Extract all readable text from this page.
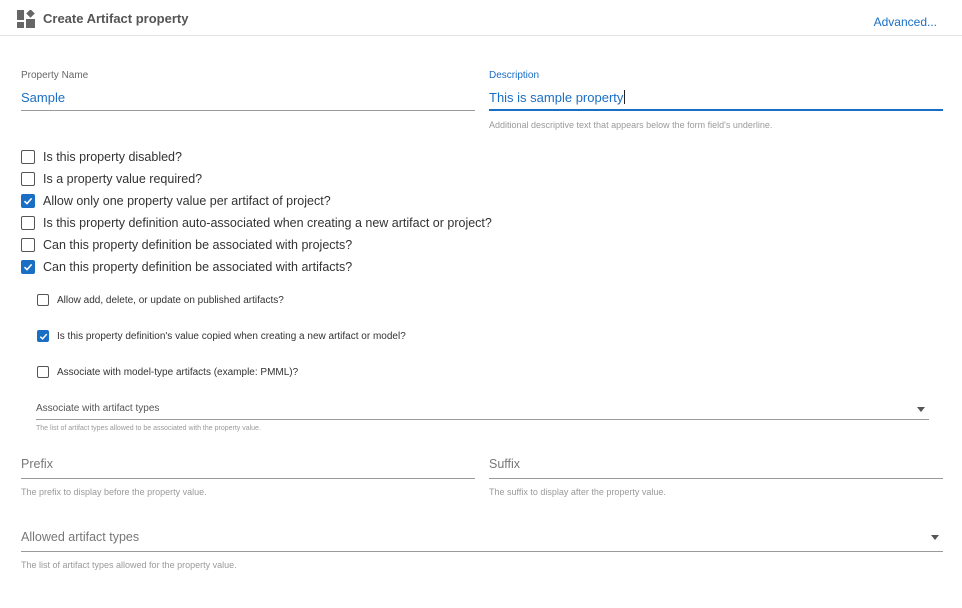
Create Artifact property	Advanced...
Property Name
Sample
Description
This is sample property
Additional descriptive text that appears below the form field's underline.
Is this property disabled?
Is a property value required?
Allow only one property value per artifact of project?
Is this property definition auto-associated when creating a new artifact or project?
Can this property definition be associated with projects?
Can this property definition be associated with artifacts?
Allow add, delete, or update on published artifacts?
Is this property definition's value copied when creating a new artifact or model?
Associate with model-type artifacts (example: PMML)?
Associate with artifact types
The list of artifact types allowed to be associated with the property value.
Prefix
The prefix to display before the property value.
Suffix
The suffix to display after the property value.
Allowed artifact types
The list of artifact types allowed for the property value.
